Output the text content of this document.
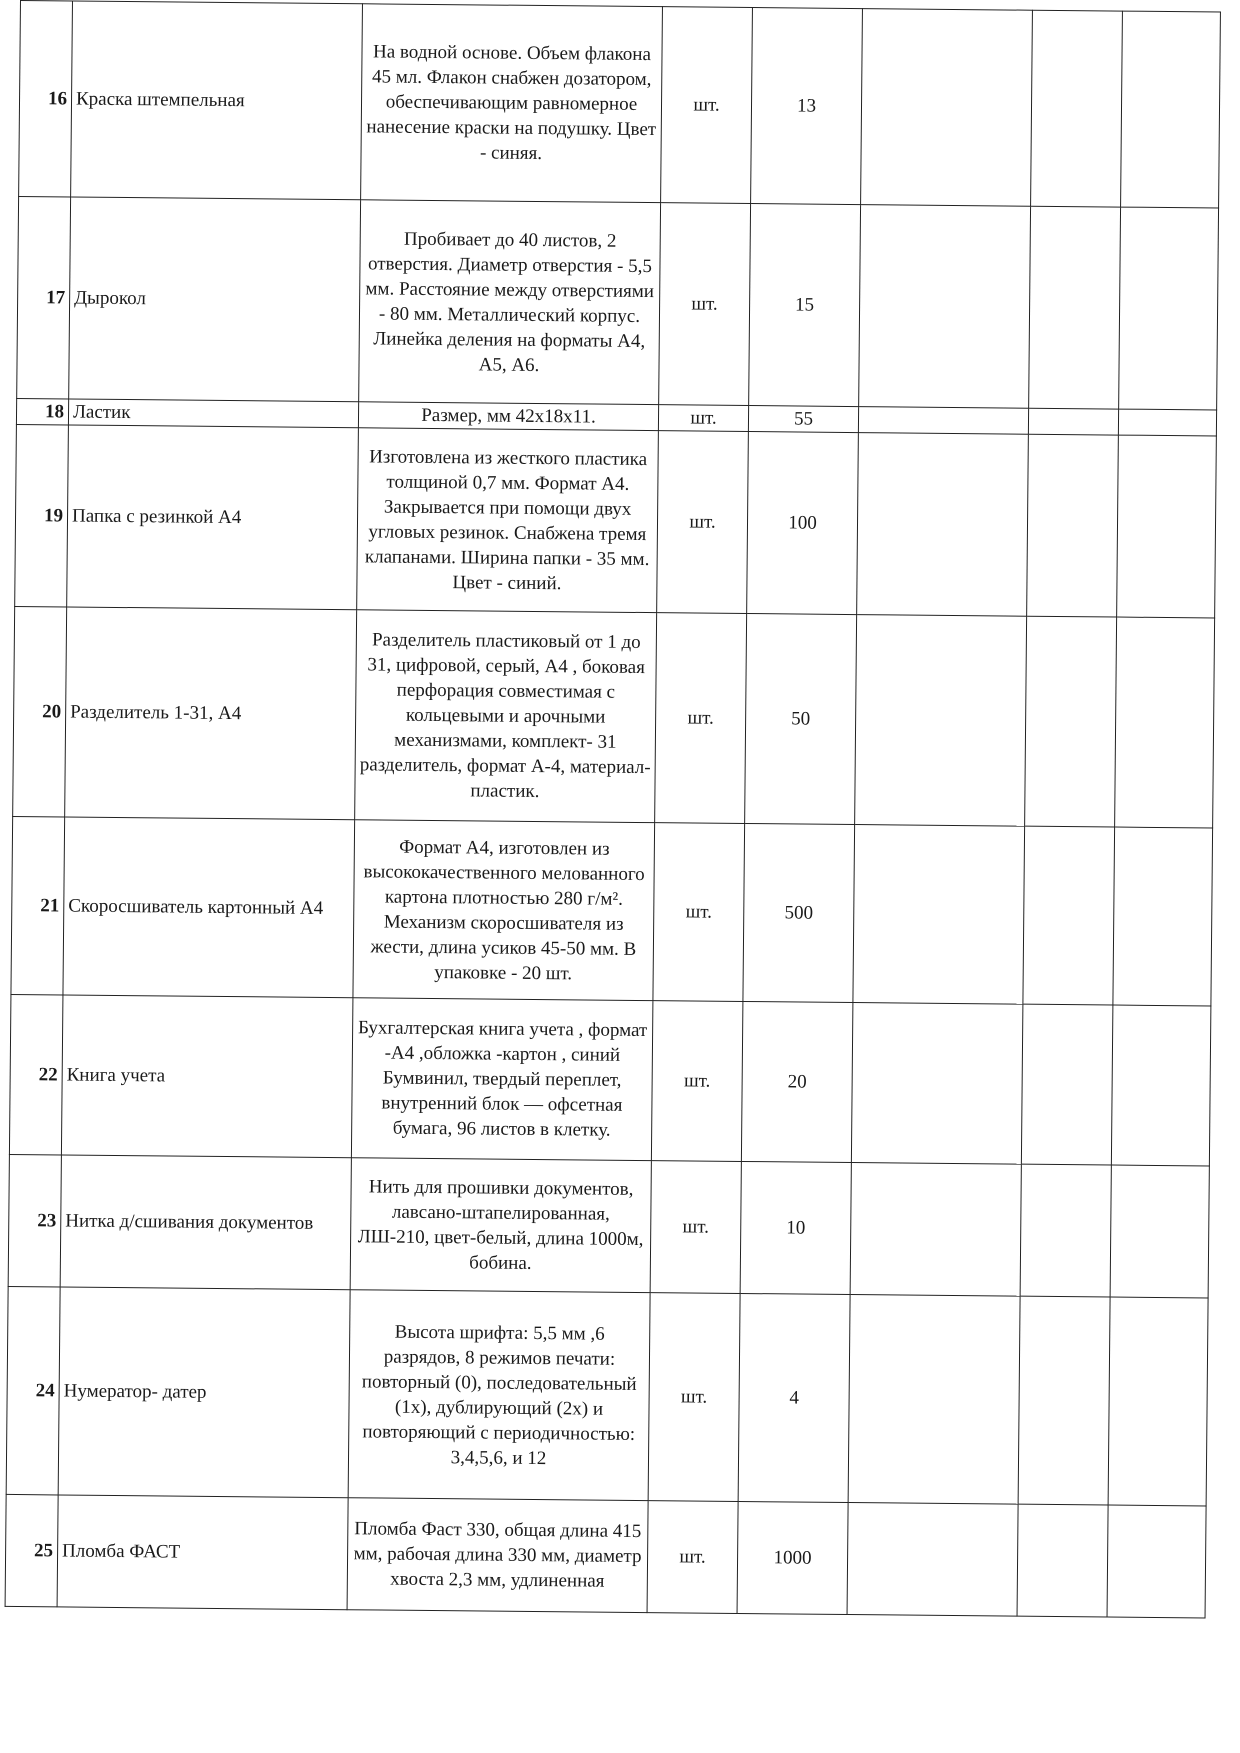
16	Краска штемпельная	На водной основе. Объем флакона 45 мл. Флакон снабжен дозатором, обеспечивающим равномерное нанесение краски на подушку. Цвет - синяя.	шт.	13			
17	Дырокол	Пробивает до 40 листов, 2 отверстия. Диаметр отверстия - 5,5 мм. Расстояние между отверстиями - 80 мм. Металлический корпус. Линейка деления на форматы А4, А5, А6.	шт.	15			
18	Ластик	Размер, мм 42x18x11.	шт.	55			
19	Папка с резинкой А4	Изготовлена из жесткого пластика толщиной 0,7 мм. Формат А4. Закрывается при помощи двух угловых резинок. Снабжена тремя клапанами. Ширина папки - 35 мм. Цвет - синий.	шт.	100			
20	Разделитель 1-31, А4	Разделитель пластиковый от 1 до 31, цифровой, серый, А4 , боковая перфорация совместимая с кольцевыми и арочными механизмами, комплект- 31 разделитель, формат А-4, материал-пластик.	шт.	50			
21	Скоросшиватель картонный А4	Формат А4, изготовлен из высококачественного мелованного картона плотностью 280 г/м². Механизм скоросшивателя из жести, длина усиков 45-50 мм. В упаковке - 20 шт.	шт.	500			
22	Книга учета	Бухгалтерская книга учета , формат -А4 ,обложка -картон , синий Бумвинил, твердый переплет, внутренний блок — офсетная бумага, 96 листов в клетку.	шт.	20			
23	Нитка д/сшивания документов	Нить для прошивки документов, лавсано-штапелированная, ЛШ-210, цвет-белый, длина 1000м, бобина.	шт.	10			
24	Нумератор- датер	Высота шрифта: 5,5 мм ,6 разрядов, 8 режимов печати: повторный (0), последовательный (1х), дублирующий (2х) и повторяющий с периодичностью: 3,4,5,6, и 12	шт.	4			
25	Пломба ФАСТ	Пломба Фаст 330, общая длина 415 мм, рабочая длина 330 мм, диаметр хвоста 2,3 мм, удлиненная	шт.	1000			
